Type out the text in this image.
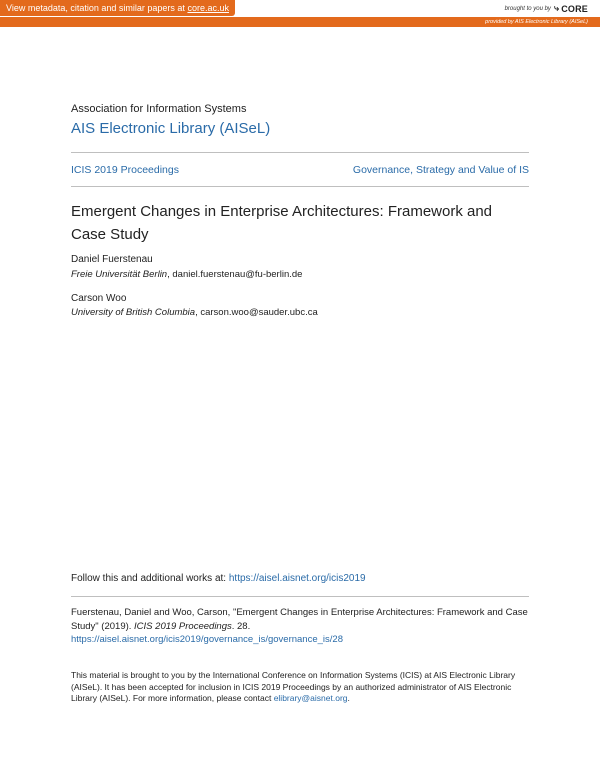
View metadata, citation and similar papers at core.ac.uk	brought to you by ⤷ CORE
provided by AIS Electronic Library (AISeL)
Association for Information Systems
AIS Electronic Library (AISeL)
ICIS 2019 Proceedings	Governance, Strategy and Value of IS
Emergent Changes in Enterprise Architectures: Framework and Case Study
Daniel Fuerstenau
Freie Universität Berlin, daniel.fuerstenau@fu-berlin.de
Carson Woo
University of British Columbia, carson.woo@sauder.ubc.ca
Follow this and additional works at: https://aisel.aisnet.org/icis2019
Fuerstenau, Daniel and Woo, Carson, "Emergent Changes in Enterprise Architectures: Framework and Case Study" (2019). ICIS 2019 Proceedings. 28.
https://aisel.aisnet.org/icis2019/governance_is/governance_is/28
This material is brought to you by the International Conference on Information Systems (ICIS) at AIS Electronic Library (AISeL). It has been accepted for inclusion in ICIS 2019 Proceedings by an authorized administrator of AIS Electronic Library (AISeL). For more information, please contact elibrary@aisnet.org.
